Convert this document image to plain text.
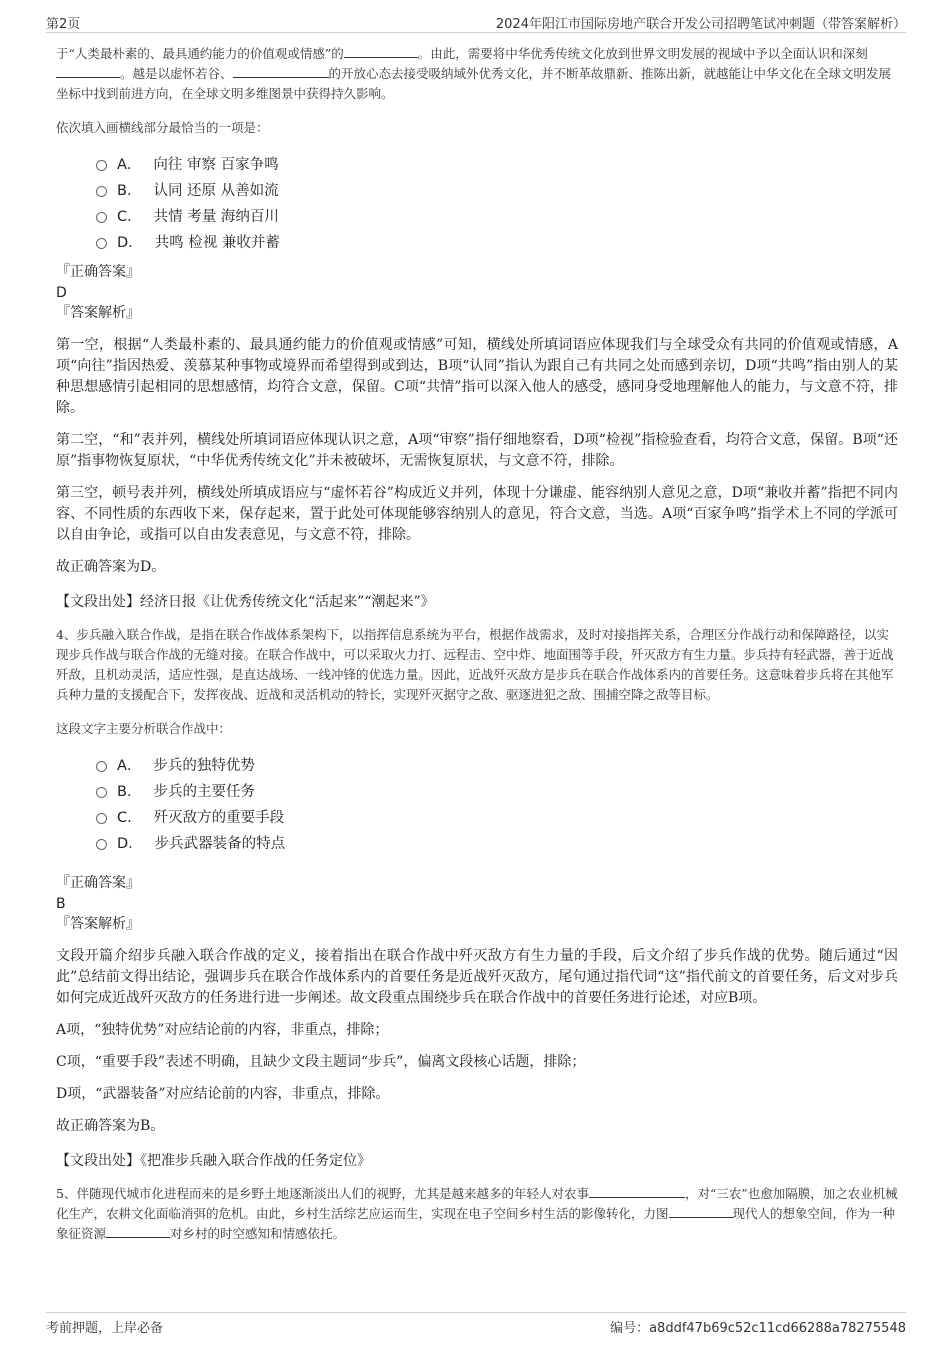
第2页	2024年阳江市国际房地产联合开发公司招聘笔试冲刺题（带答案解析）

于“人类最朴素的、最具通约能力的价值观或情感”的	。由此，需要将中华优秀传统文化放到世界文明发展的视域中予以全面认识和深刻。越是以虚怀若谷、	的开放心态去接受吸纳域外优秀文化，并不断革故鼎新、推陈出新，就越能让中华文化在全球文明发展坐标中找到前进方向，在全球文明多维图景中获得持久影响。

依次填入画横线部分最恰当的一项是：

A． 向往 审察 百家争鸣
B． 认同 还原 从善如流
C． 共情 考量 海纳百川
D． 共鸣 检视 兼收并蓄

『正确答案』

D

『答案解析』

第一空，根据“人类最朴素的、最具通约能力的价值观或情感”可知，横线处所填词语应体现我们与全球受众有共同的价值观或情感，A项“向往”指因热爱、羡慕某种事物或境界而希望得到或到达，B项“认同”指认为跟自己有共同之处而感到亲切，D项“共鸣”指由别人的某种思想感情引起相同的思想感情，均符合文意，保留。C项“共情”指可以深入他人的感受，感同身受地理解他人的能力，与文意不符，排除。

第二空，“和”表并列，横线处所填词语应体现认识之意，A项“审察”指仔细地察看，D项“检视”指检验查看，均符合文意，保留。B项“还原”指事物恢复原状，“中华优秀传统文化”并未被破坏，无需恢复原状，与文意不符，排除。

第三空，顿号表并列，横线处所填成语应与“虚怀若谷”构成近义并列，体现十分谦虚、能容纳别人意见之意，D项“兼收并蓄”指把不同内容、不同性质的东西收下来，保存起来，置于此处可体现能够容纳别人的意见，符合文意，当选。A项“百家争鸣”指学术上不同的学派可以自由争论，或指可以自由发表意见，与文意不符，排除。

故正确答案为D。

【文段出处】经济日报《让优秀传统文化“活起来”“潮起来”》

4、步兵融入联合作战，是指在联合作战体系架构下，以指挥信息系统为平台，根据作战需求，及时对接指挥关系，合理区分作战行动和保障路径，以实现步兵作战与联合作战的无缝对接。在联合作战中，可以采取火力打、远程击、空中炸、地面围等手段，歼灭敌方有生力量。步兵持有轻武器，善于近战歼敌，且机动灵活，适应性强，是直达战场、一线冲锋的优选力量。因此，近战歼灭敌方是步兵在联合作战体系内的首要任务。这意味着步兵将在其他军兵种力量的支援配合下，发挥夜战、近战和灵活机动的特长，实现歼灭据守之敌、驱逐进犯之敌、围捕空降之敌等目标。

这段文字主要分析联合作战中：

A． 步兵的独特优势
B． 步兵的主要任务
C． 歼灭敌方的重要手段
D． 步兵武器装备的特点

『正确答案』

B

『答案解析』

文段开篇介绍步兵融入联合作战的定义，接着指出在联合作战中歼灭敌方有生力量的手段，后文介绍了步兵作战的优势。随后通过“因此”总结前文得出结论，强调步兵在联合作战体系内的首要任务是近战歼灭敌方，尾句通过指代词“这”指代前文的首要任务，后文对步兵如何完成近战歼灭敌方的任务进行进一步阐述。故文段重点围绕步兵在联合作战中的首要任务进行论述，对应B项。

A项，“独特优势”对应结论前的内容，非重点，排除；

C项，“重要手段”表述不明确，且缺少文段主题词“步兵”，偏离文段核心话题，排除；

D项，“武器装备”对应结论前的内容，非重点，排除。

故正确答案为B。

【文段出处】《把准步兵融入联合作战的任务定位》

5、伴随现代城市化进程而来的是乡野土地逐渐淡出人们的视野，尤其是越来越多的年轻人对农事	，对“三农”也愈加隔膜，加之农业机械化生产，农耕文化面临消弭的危机。由此，乡村生活综艺应运而生，实现在电子空间乡村生活的影像转化，力图	现代人的想象空间，作为一种象征资源	对乡村的时空感知和情感依托。

考前押题，上岸必备	编号：a8ddf47b69c52c11cd66288a78275548
